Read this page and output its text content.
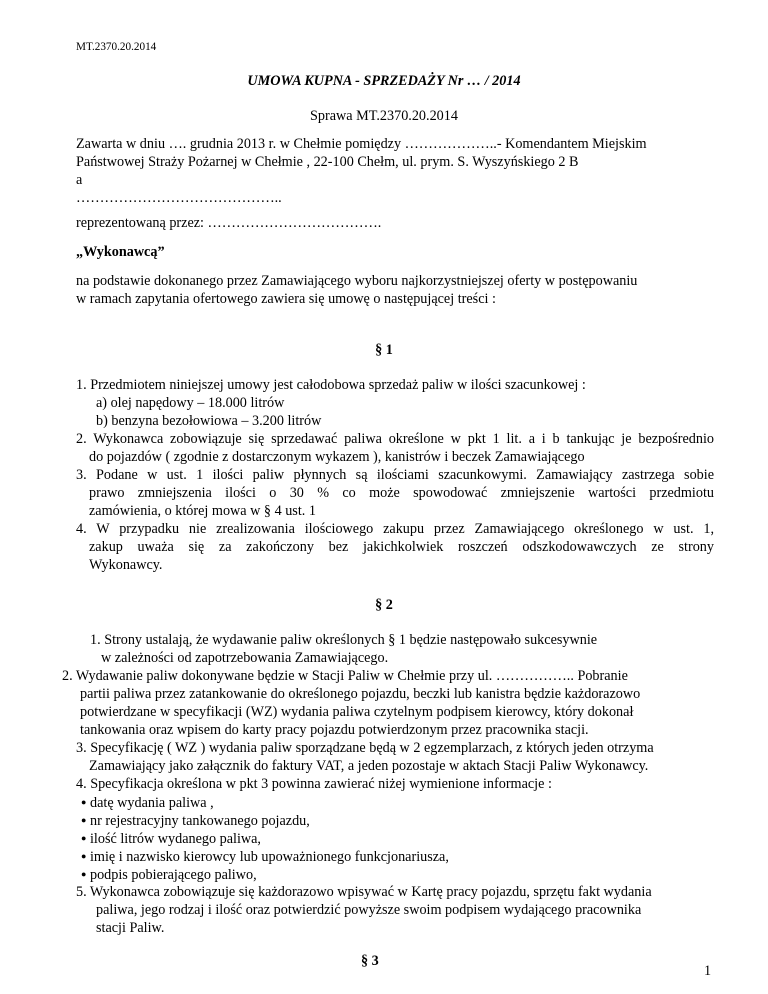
MT.2370.20.2014
UMOWA KUPNA - SPRZEDAŻY Nr … / 2014
Sprawa MT.2370.20.2014
Zawarta w dniu …. grudnia 2013 r. w Chełmie pomiędzy ………………..- Komendantem Miejskim
Państwowej Straży Pożarnej w Chełmie , 22-100 Chełm, ul. prym. S. Wyszyńskiego 2 B
a
……………………………………..
reprezentowaną przez: ……………………………….
„Wykonawcą”
na podstawie dokonanego przez Zamawiającego wyboru najkorzystniejszej oferty w postępowaniu
w ramach zapytania ofertowego zawiera się umowę o następującej treści :
§ 1
1. Przedmiotem niniejszej umowy jest całodobowa sprzedaż paliw w ilości szacunkowej :
a) olej napędowy – 18.000 litrów
b) benzyna bezołowiowa – 3.200 litrów
2. Wykonawca zobowiązuje się sprzedawać paliwa określone w pkt 1 lit. a i b tankując je bezpośrednio
do pojazdów ( zgodnie z dostarczonym wykazem ), kanistrów i beczek Zamawiającego
3. Podane w ust. 1 ilości paliw płynnych są ilościami szacunkowymi. Zamawiający zastrzega sobie
prawo zmniejszenia ilości o 30 % co może spowodować zmniejszenie wartości przedmiotu
zamówienia, o której mowa w § 4 ust. 1
4. W przypadku nie zrealizowania ilościowego zakupu przez Zamawiającego określonego w ust. 1,
zakup uważa się za zakończony bez jakichkolwiek roszczeń odszkodowawczych ze strony
Wykonawcy.
§ 2
1. Strony ustalają, że wydawanie paliw określonych § 1 będzie następowało sukcesywnie
w zależności od zapotrzebowania Zamawiającego.
2. Wydawanie paliw dokonywane będzie w Stacji Paliw w Chełmie przy ul. …………….. Pobranie
partii paliwa przez zatankowanie do określonego pojazdu, beczki lub kanistra będzie każdorazowo
potwierdzane w specyfikacji (WZ) wydania paliwa czytelnym podpisem kierowcy, który dokonał
tankowania oraz wpisem do karty pracy pojazdu potwierdzonym przez pracownika stacji.
3. Specyfikację ( WZ ) wydania paliw sporządzane będą w 2 egzemplarzach, z których jeden otrzyma
Zamawiający jako załącznik do faktury VAT, a jeden pozostaje w aktach Stacji Paliw Wykonawcy.
4. Specyfikacja określona w pkt 3 powinna zawierać niżej wymienione informacje :
● datę wydania paliwa ,
● nr rejestracyjny tankowanego pojazdu,
● ilość litrów wydanego paliwa,
● imię i nazwisko kierowcy lub upoważnionego funkcjonariusza,
● podpis pobierającego paliwo,
5. Wykonawca zobowiązuje się każdorazowo wpisywać w Kartę pracy pojazdu, sprzętu fakt wydania
paliwa, jego rodzaj i ilość oraz potwierdzić powyższe swoim podpisem wydającego pracownika
stacji Paliw.
§ 3
1
